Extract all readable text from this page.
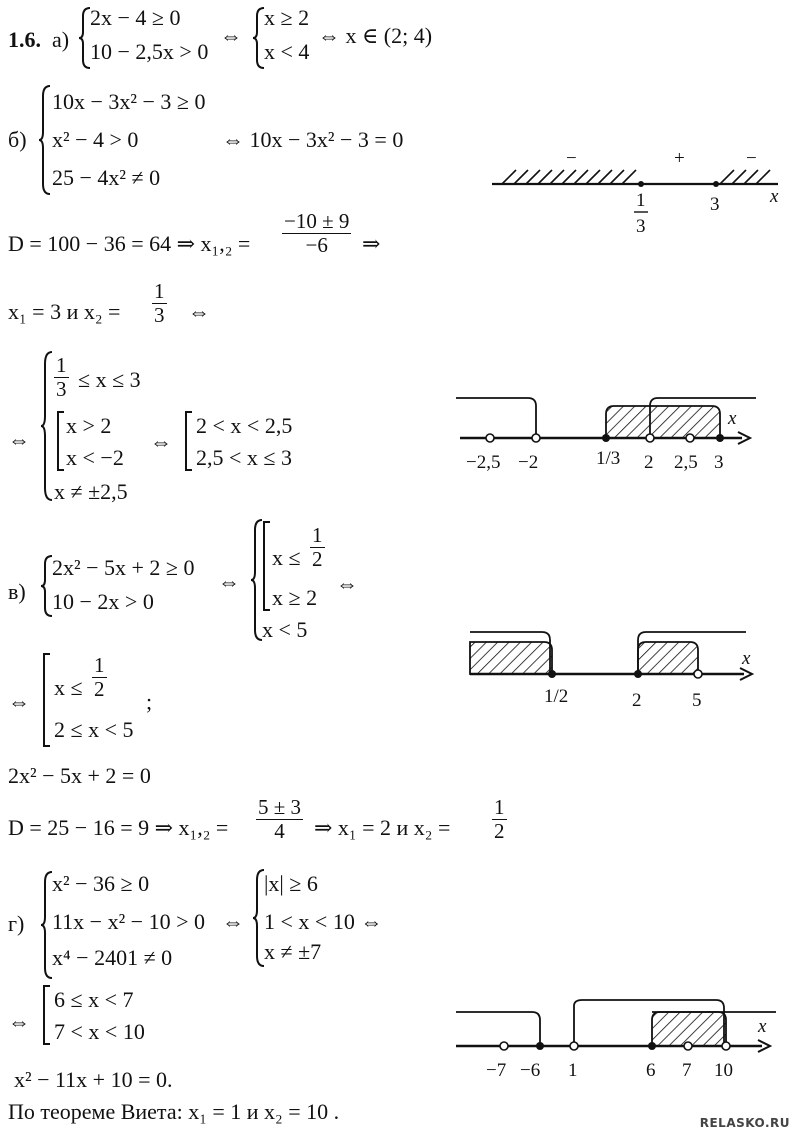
1.6. а)
2x − 4 ≥ 0
10 − 2,5x > 0
⇔
x ≥ 2
x < 4
⇔ x ∈ (2; 4)
б)
10x − 3x² − 3 ≥ 0
x² − 4 > 0
25 − 4x² ≠ 0
⇔ 10x − 3x² − 3 = 0
D = 100 − 36 = 64 ⇒ $x_1,_2 = \frac{-10 \pm 9}{-6}$ ⇒
x₁ = 3 и $x_2 = \frac{1}{3}$ ⇔
⇔
$\frac{1}{3} \le x \le 3$
x > 2
x < −2
x ≠ ±2,5
⇔
2 < x < 2,5
2,5 < x ≤ 3
−	+	−
1
3
3	x
−2,5 −2	1/3 2 2,5 3
x
в)
2x² − 5x + 2 ≥ 0
10 − 2x > 0
⇔
$x \le \frac{1}{2}$
⇔
x ≥ 2
x < 5
⇔
$x \le \frac{1}{2}$
;
2 ≤ x < 5
2x² − 5x + 2 = 0
D = 25 − 16 = 9 ⇒ $x_1,_2 = \frac{5 \pm 3}{4}$ ⇒ x₁ = 2 и $x_2 = \frac{1}{2}$
1/2	2	5
x
г)
x² − 36 ≥ 0
11x − x² − 10 > 0
x⁴ − 2401 ≠ 0
⇔
|x| ≥ 6
1 < x < 10 ⇔
x ≠ ±7
⇔
6 ≤ x < 7
7 < x < 10
x² − 11x + 10 = 0.
По теореме Виета: x₁ = 1 и x₂ = 10 .
−7 −6 1	6 7 10
x
RELASKO.RU
